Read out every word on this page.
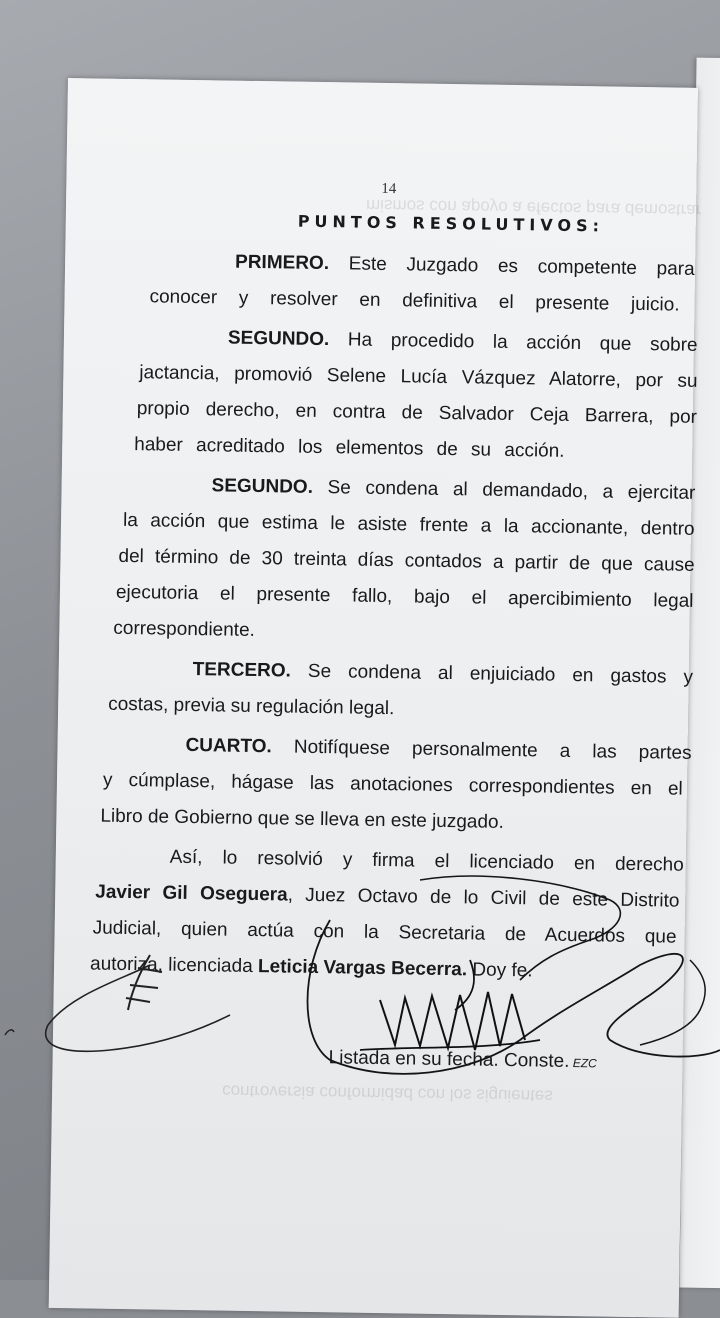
mismos con apoyo a efectos para demostrar
controversia conformidad con los siguientes
14
PUNTOS RESOLUTIVOS:
PRIMERO. Este Juzgado es competente para
conocer y resolver en definitiva el presente juicio.
SEGUNDO. Ha procedido la acción que sobre
jactancia, promovió Selene Lucía Vázquez Alatorre, por su
propio derecho, en contra de Salvador Ceja Barrera, por
haber acreditado los elementos de su acción.
SEGUNDO. Se condena al demandado, a ejercitar
la acción que estima le asiste frente a la accionante, dentro
del término de 30 treinta días contados a partir de que cause
ejecutoria el presente fallo, bajo el apercibimiento legal
correspondiente.
TERCERO. Se condena al enjuiciado en gastos y
costas, previa su regulación legal.
CUARTO. Notifíquese personalmente a las partes
y cúmplase, hágase las anotaciones correspondientes en el
Libro de Gobierno que se lleva en este juzgado.
Así, lo resolvió y firma el licenciado en derecho
Javier Gil Oseguera, Juez Octavo de lo Civil de este Distrito
Judicial, quien actúa con la Secretaria de Acuerdos que
autoriza, licenciada Leticia Vargas Becerra. Doy fe.
Listada en su fecha. Conste. EZC
